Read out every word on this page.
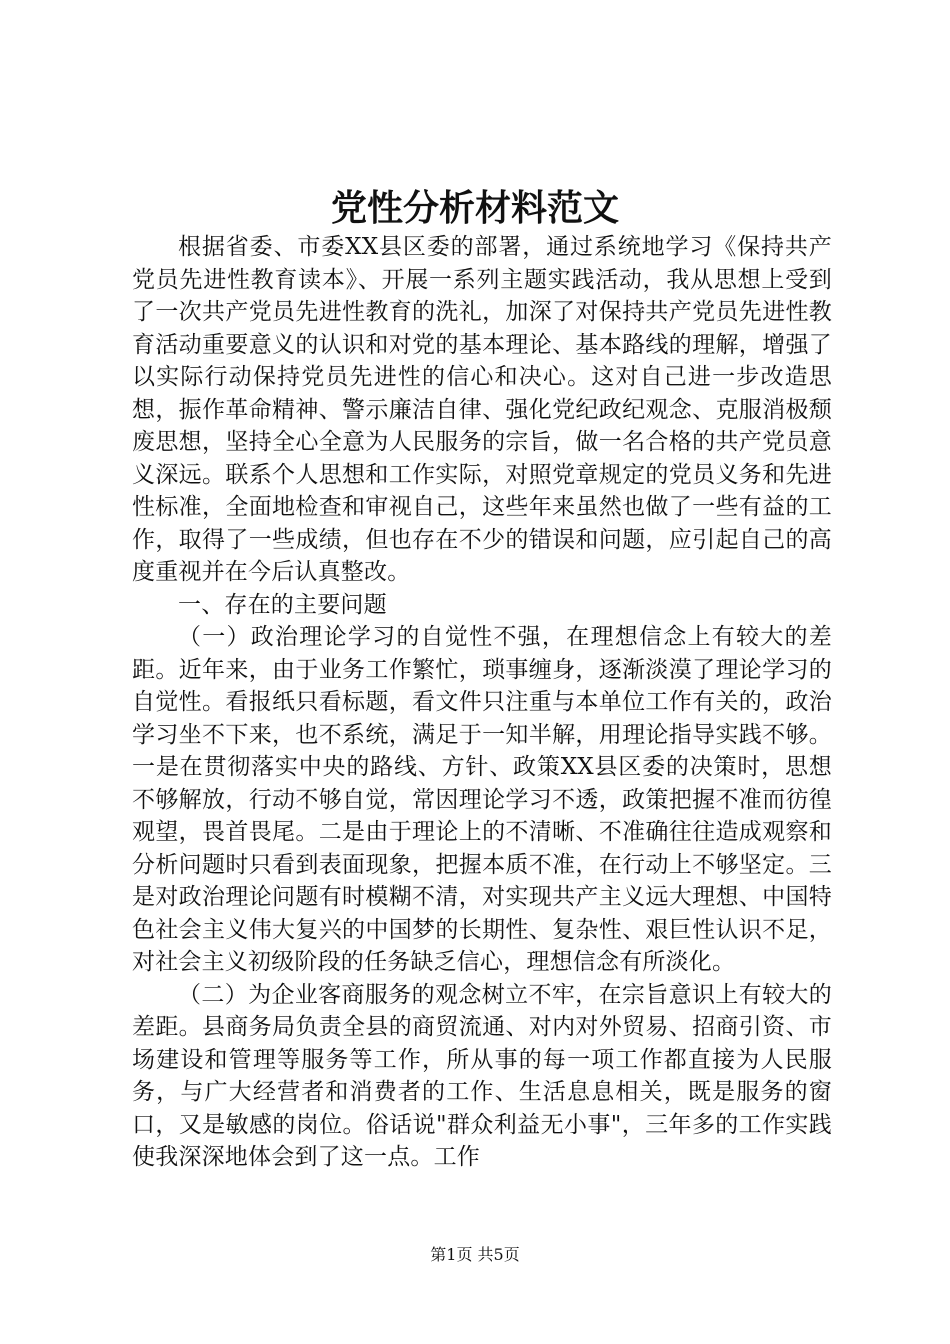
党性分析材料范文

根据省委、市委XX县区委的部署，通过系统地学习《保持共产党员先进性教育读本》、开展一系列主题实践活动，我从思想上受到了一次共产党员先进性教育的洗礼，加深了对保持共产党员先进性教育活动重要意义的认识和对党的基本理论、基本路线的理解，增强了以实际行动保持党员先进性的信心和决心。这对自己进一步改造思想，振作革命精神、警示廉洁自律、强化党纪政纪观念、克服消极颓废思想，坚持全心全意为人民服务的宗旨，做一名合格的共产党员意义深远。联系个人思想和工作实际，对照党章规定的党员义务和先进性标准，全面地检查和审视自己，这些年来虽然也做了一些有益的工作，取得了一些成绩，但也存在不少的错误和问题，应引起自己的高度重视并在今后认真整改。

一、存在的主要问题

（一）政治理论学习的自觉性不强，在理想信念上有较大的差距。近年来，由于业务工作繁忙，琐事缠身，逐渐淡漠了理论学习的自觉性。看报纸只看标题，看文件只注重与本单位工作有关的，政治学习坐不下来，也不系统，满足于一知半解，用理论指导实践不够。一是在贯彻落实中央的路线、方针、政策XX县区委的决策时，思想不够解放，行动不够自觉，常因理论学习不透，政策把握不准而彷徨观望，畏首畏尾。二是由于理论上的不清晰、不准确往往造成观察和分析问题时只看到表面现象，把握本质不准，在行动上不够坚定。三是对政治理论问题有时模糊不清，对实现共产主义远大理想、中国特色社会主义伟大复兴的中国梦的长期性、复杂性、艰巨性认识不足，对社会主义初级阶段的任务缺乏信心，理想信念有所淡化。

（二）为企业客商服务的观念树立不牢，在宗旨意识上有较大的差距。县商务局负责全县的商贸流通、对内对外贸易、招商引资、市场建设和管理等服务等工作，所从事的每一项工作都直接为人民服务，与广大经营者和消费者的工作、生活息息相关，既是服务的窗口，又是敏感的岗位。俗话说"群众利益无小事"，三年多的工作实践使我深深地体会到了这一点。工作

第1页 共5页
